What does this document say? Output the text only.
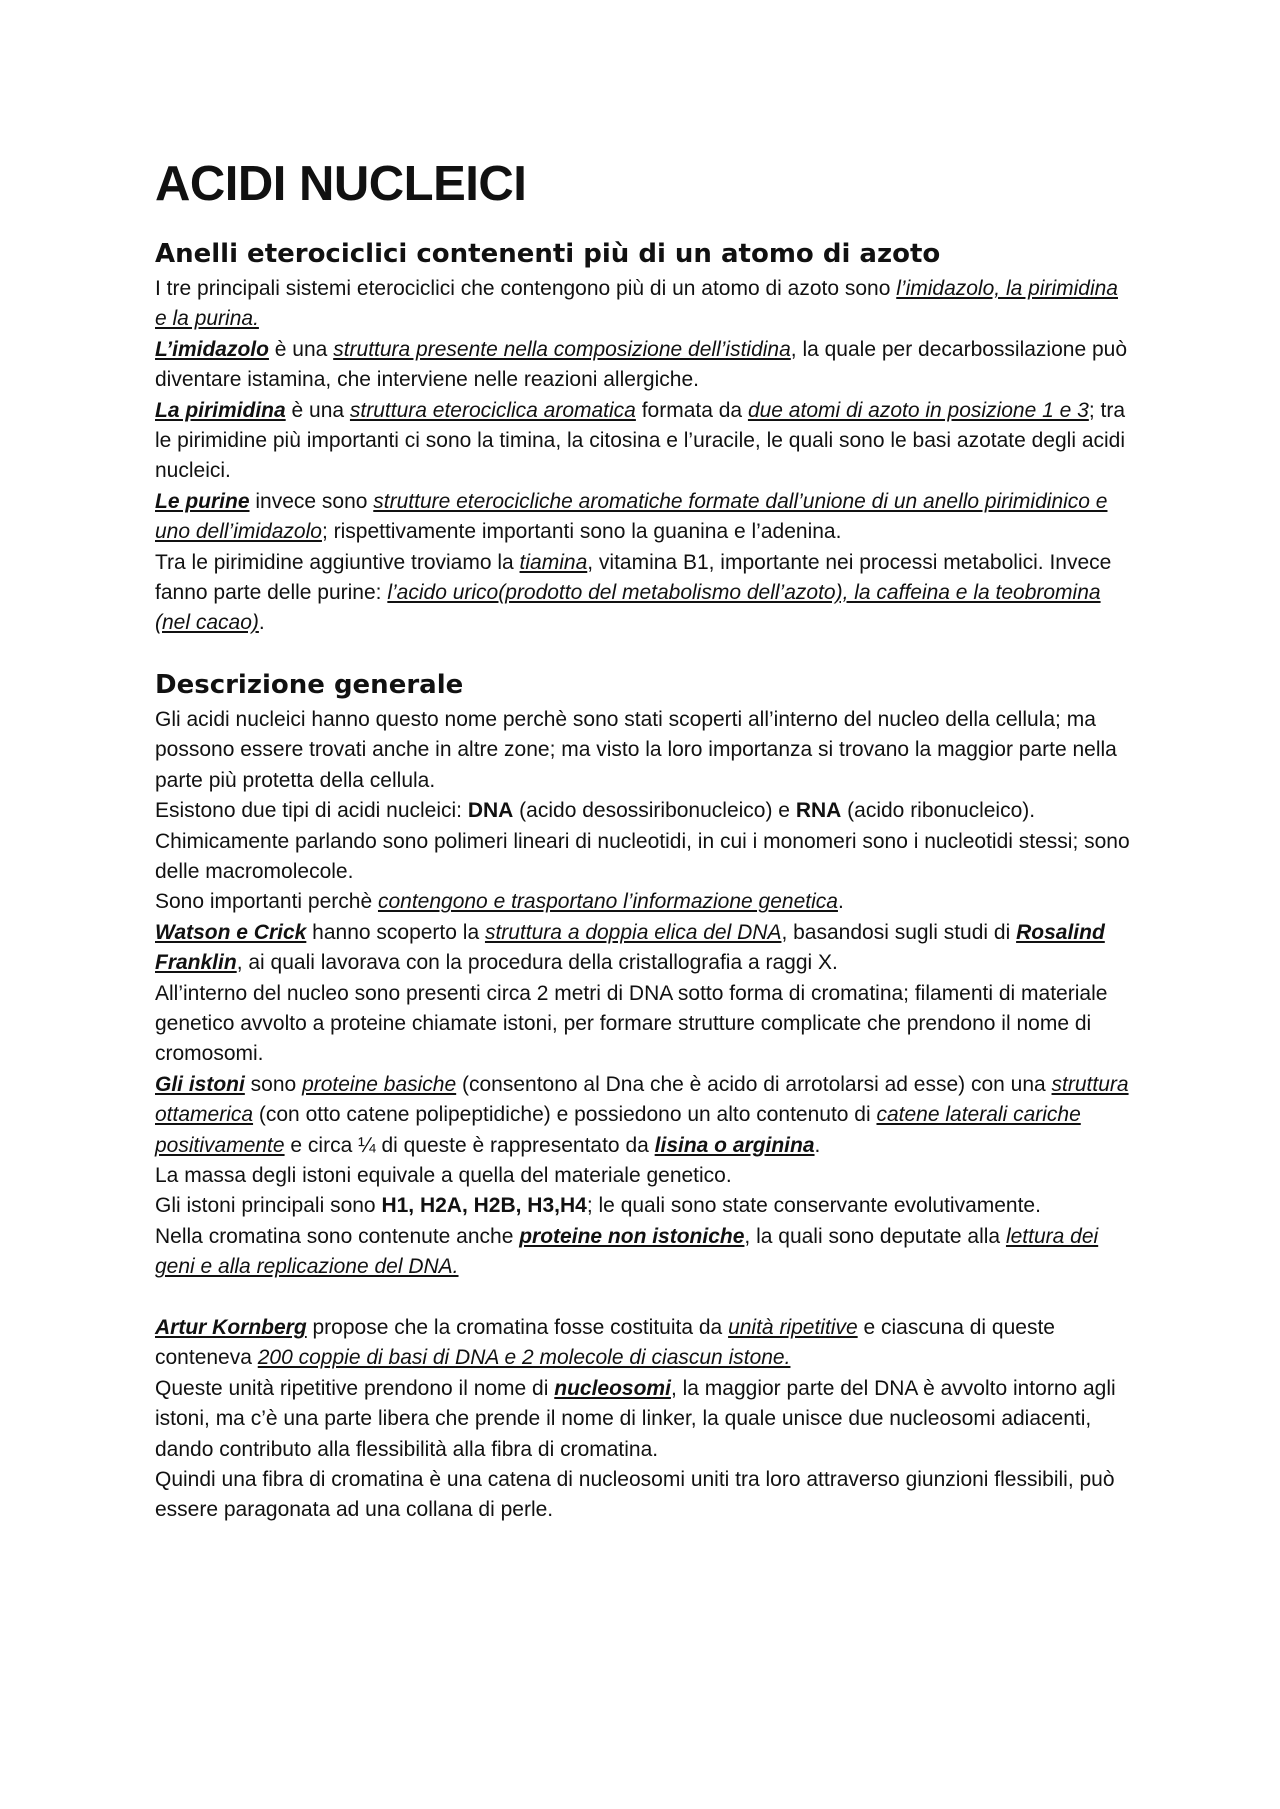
ACIDI NUCLEICI
Anelli eterociclici contenenti più di un atomo di azoto

I tre principali sistemi eterociclici che contengono più di un atomo di azoto sono l’imidazolo, la pirimidina e la purina.

L’imidazolo è una struttura presente nella composizione dell’istidina, la quale per decarbossilazione può diventare istamina, che interviene nelle reazioni allergiche.

La pirimidina è una struttura eterociclica aromatica formata da due atomi di azoto in posizione 1 e 3; tra le pirimidine più importanti ci sono la timina, la citosina e l’uracile, le quali sono le basi azotate degli acidi nucleici.

Le purine invece sono strutture eterocicliche aromatiche formate dall’unione di un anello pirimidinico e uno dell’imidazolo; rispettivamente importanti sono la guanina e l’adenina.

Tra le pirimidine aggiuntive troviamo la tiamina, vitamina B1, importante nei processi metabolici. Invece fanno parte delle purine: l’acido urico(prodotto del metabolismo dell’azoto), la caffeina e la teobromina (nel cacao).

Descrizione generale

Gli acidi nucleici hanno questo nome perchè sono stati scoperti all’interno del nucleo della cellula; ma possono essere trovati anche in altre zone; ma visto la loro importanza si trovano la maggior parte nella parte più protetta della cellula.

Esistono due tipi di acidi nucleici: DNA (acido desossiribonucleico) e RNA (acido ribonucleico).

Chimicamente parlando sono polimeri lineari di nucleotidi, in cui i monomeri sono i nucleotidi stessi; sono delle macromolecole.

Sono importanti perchè contengono e trasportano l’informazione genetica.

Watson e Crick hanno scoperto la struttura a doppia elica del DNA, basandosi sugli studi di Rosalind Franklin, ai quali lavorava con la procedura della cristallografia a raggi X.

All’interno del nucleo sono presenti circa 2 metri di DNA sotto forma di cromatina; filamenti di materiale genetico avvolto a proteine chiamate istoni, per formare strutture complicate che prendono il nome di cromosomi.

Gli istoni sono proteine basiche (consentono al Dna che è acido di arrotolarsi ad esse) con una struttura ottamerica (con otto catene polipeptidiche) e possiedono un alto contenuto di catene laterali cariche positivamente e circa ¼ di queste è rappresentato da lisina o arginina.

La massa degli istoni equivale a quella del materiale genetico.

Gli istoni principali sono H1, H2A, H2B, H3,H4; le quali sono state conservante evolutivamente.

Nella cromatina sono contenute anche proteine non istoniche, la quali sono deputate alla lettura dei geni e alla replicazione del DNA.

Artur Kornberg propose che la cromatina fosse costituita da unità ripetitive e ciascuna di queste conteneva 200 coppie di basi di DNA e 2 molecole di ciascun istone.

Queste unità ripetitive prendono il nome di nucleosomi, la maggior parte del DNA è avvolto intorno agli istoni, ma c’è una parte libera che prende il nome di linker, la quale unisce due nucleosomi adiacenti, dando contributo alla flessibilità alla fibra di cromatina.

Quindi una fibra di cromatina è una catena di nucleosomi uniti tra loro attraverso giunzioni flessibili, può essere paragonata ad una collana di perle.
